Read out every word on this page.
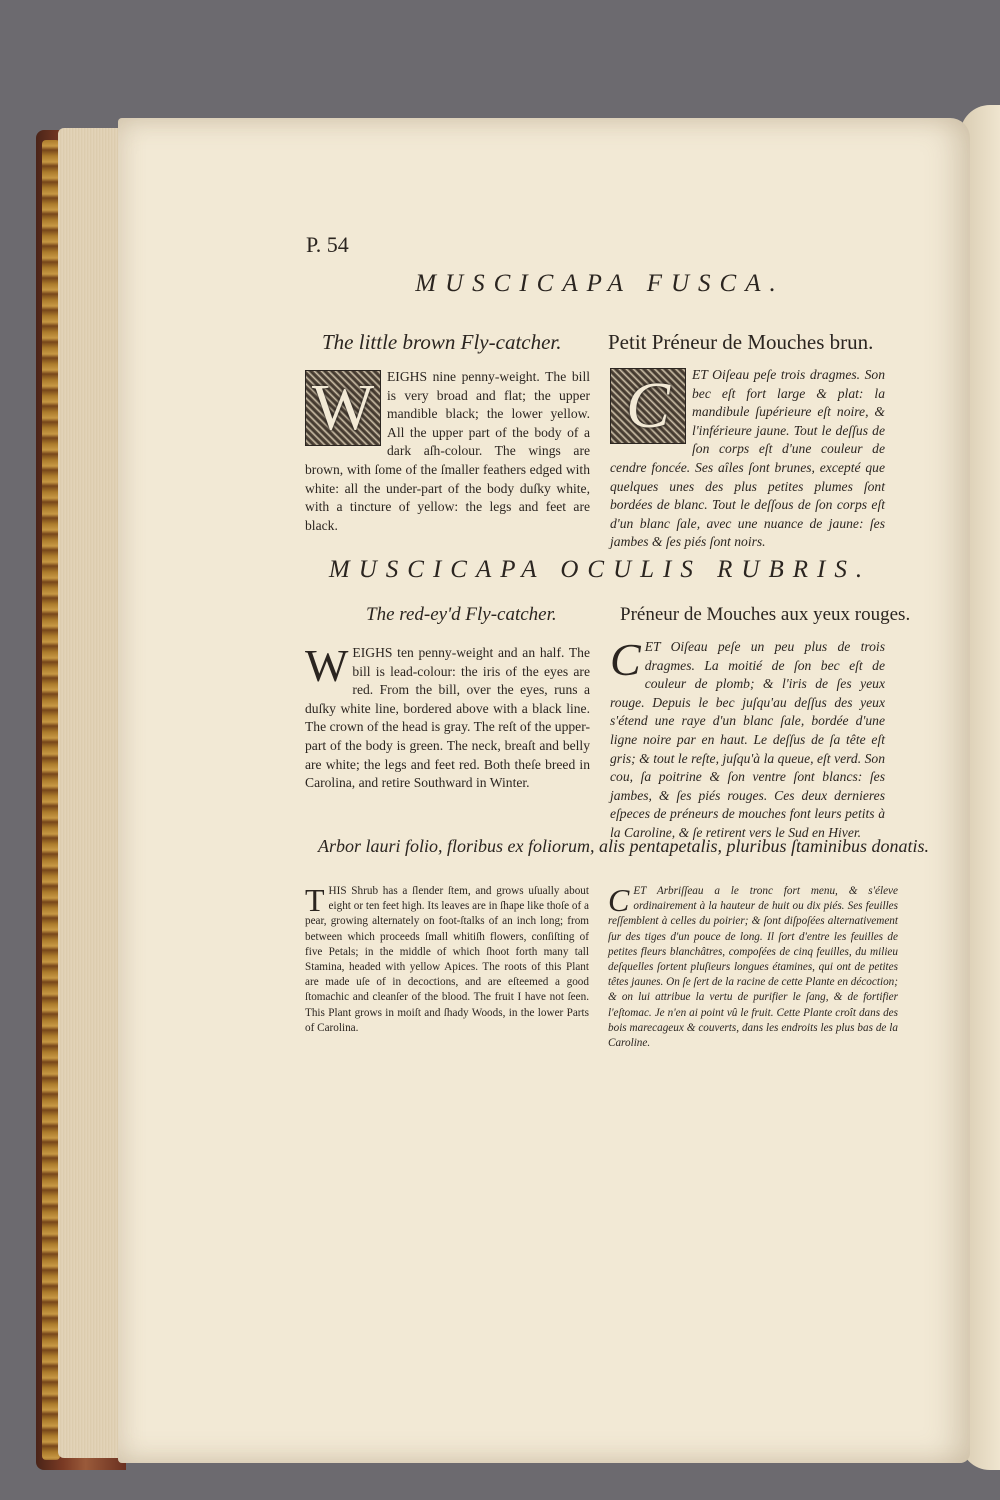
P. 54
MUSCICAPA FUSCA.
The little brown Fly-catcher. Petit Préneur de Mouches brun.
W EIGHS nine penny-weight. The bill is very broad and flat; the upper mandible black; the lower yellow. All the upper part of the body of a dark aſh-colour. The wings are brown, with ſome of the ſmaller feathers edged with white: all the under-part of the body duſky white, with a tincture of yellow: the legs and feet are black.
C	ET Oiſeau peſe trois dragmes. Son bec eſt fort large & plat: la mandibule ſupérieure eſt noire, & l'inférieure jaune. Tout le deſſus de ſon corps eſt d'une couleur de cendre foncée. Ses aîles ſont brunes, excepté que quelques unes des plus petites plumes ſont bordées de blanc. Tout le deſſous de ſon corps eſt d'un blanc ſale, avec une nuance de jaune: ſes jambes & ſes piés ſont noirs.
MUSCICAPA OCULIS RUBRIS.
The red-ey'd Fly-catcher.	Préneur de Mouches aux yeux rouges.
W EIGHS ten penny-weight and an half. The bill is lead-colour: the iris of the eyes are red. From the bill, over the eyes, runs a duſky white line, bordered above with a black line. The crown of the head is gray. The reſt of the upper-part of the body is green. The neck, breaſt and belly are white; the legs and feet red. Both theſe breed in Carolina, and retire Southward in Winter.
C ET Oiſeau peſe un peu plus de trois dragmes. La moitié de ſon bec eſt de couleur de plomb; & l'iris de ſes yeux rouge. Depuis le bec juſqu'au deſſus des yeux s'étend une raye d'un blanc ſale, bordée d'une ligne noire par en haut. Le deſſus de ſa tête eſt gris; & tout le reſte, juſqu'à la queue, eſt verd. Son cou, ſa poitrine & ſon ventre ſont blancs: ſes jambes, & ſes piés rouges. Ces deux dernieres eſpeces de préneurs de mouches font leurs petits à la Caroline, & ſe retirent vers le Sud en Hiver.
Arbor lauri folio, floribus ex foliorum, alis pentapetalis, pluribus ſtaminibus donatis.
T HIS Shrub has a ſlender ſtem, and grows uſually about eight or ten feet high. Its leaves are in ſhape like thoſe of a pear, growing alternately on foot-ſtalks of an inch long; from between which proceeds ſmall whitiſh flowers, conſiſting of five Petals; in the middle of which ſhoot forth many tall Stamina, headed with yellow Apices. The roots of this Plant are made uſe of in decoctions, and are eſteemed a good ſtomachic and cleanſer of the blood. The fruit I have not ſeen. This Plant grows in moiſt and ſhady Woods, in the lower Parts of Carolina.
C ET Arbriſſeau a le tronc fort menu, & s'éleve ordinairement à la hauteur de huit ou dix piés. Ses feuilles reſſemblent à celles du poirier; & ſont diſpoſées alternativement ſur des tiges d'un pouce de long. Il ſort d'entre les feuilles de petites fleurs blanchâtres, compoſées de cinq feuilles, du milieu deſquelles ſortent pluſieurs longues étamines, qui ont de petites têtes jaunes. On ſe ſert de la racine de cette Plante en décoction; & on lui attribue la vertu de purifier le ſang, & de fortifier l'eſtomac. Je n'en ai point vû le fruit. Cette Plante croît dans des bois marecageux & couverts, dans les endroits les plus bas de la Caroline.
